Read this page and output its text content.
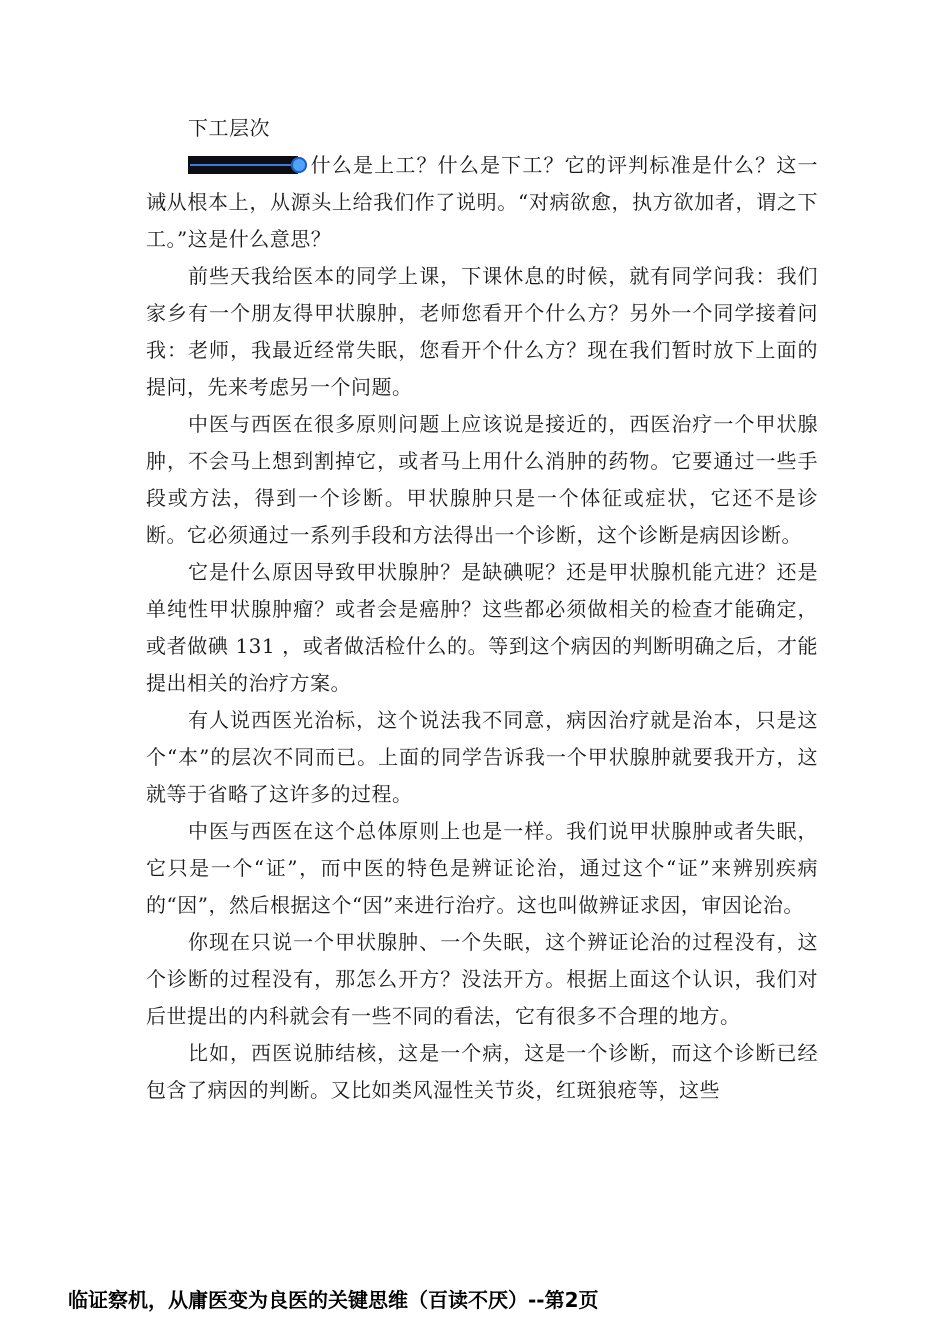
下工层次

什么是上工？什么是下工？它的评判标准是什么？这一诫从根本上，从源头上给我们作了说明。“对病欲愈，执方欲加者，谓之下工。”这是什么意思？

前些天我给医本的同学上课，下课休息的时候，就有同学问我：我们家乡有一个朋友得甲状腺肿，老师您看开个什么方？另外一个同学接着问我：老师，我最近经常失眠，您看开个什么方？现在我们暂时放下上面的提问，先来考虑另一个问题。

中医与西医在很多原则问题上应该说是接近的，西医治疗一个甲状腺肿，不会马上想到割掉它，或者马上用什么消肿的药物。它要通过一些手段或方法，得到一个诊断。甲状腺肿只是一个体征或症状，它还不是诊断。它必须通过一系列手段和方法得出一个诊断，这个诊断是病因诊断。

它是什么原因导致甲状腺肿？是缺碘呢？还是甲状腺机能亢进？还是单纯性甲状腺肿瘤？或者会是癌肿？这些都必须做相关的检查才能确定，或者做碘 131 ，或者做活检什么的。等到这个病因的判断明确之后，才能提出相关的治疗方案。

有人说西医光治标，这个说法我不同意，病因治疗就是治本，只是这个“本”的层次不同而已。上面的同学告诉我一个甲状腺肿就要我开方，这就等于省略了这许多的过程。

中医与西医在这个总体原则上也是一样。我们说甲状腺肿或者失眠，它只是一个“证”，而中医的特色是辨证论治，通过这个“证”来辨别疾病的“因”，然后根据这个“因”来进行治疗。这也叫做辨证求因，审因论治。

你现在只说一个甲状腺肿、一个失眠，这个辨证论治的过程没有，这个诊断的过程没有，那怎么开方？没法开方。根据上面这个认识，我们对后世提出的内科就会有一些不同的看法，它有很多不合理的地方。

比如，西医说肺结核，这是一个病，这是一个诊断，而这个诊断已经包含了病因的判断。又比如类风湿性关节炎，红斑狼疮等，这些

临证察机，从庸医变为良医的关键思维（百读不厌）--第2页
